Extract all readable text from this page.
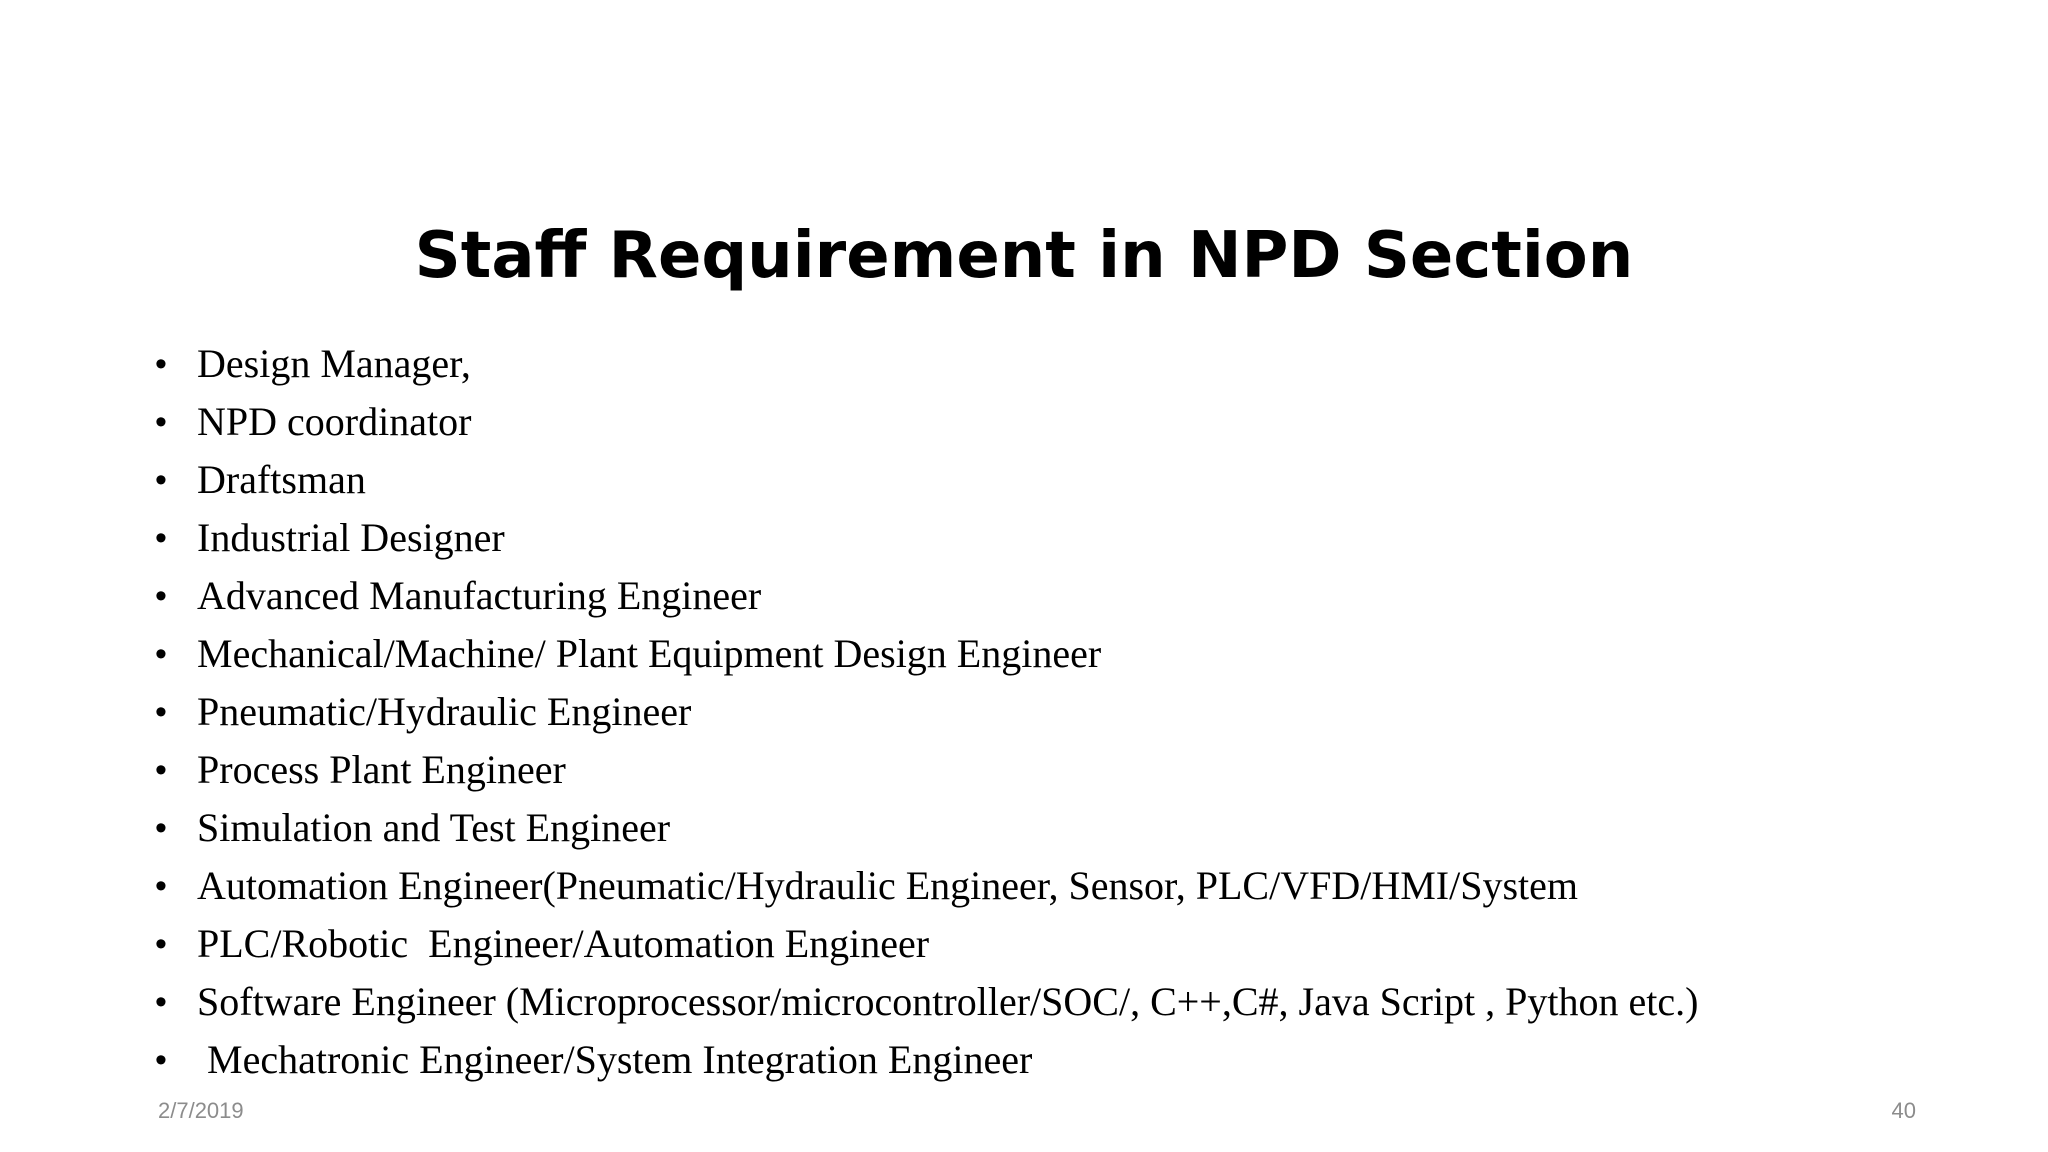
Staff Requirement in NPD Section
• Design Manager,
• NPD coordinator
• Draftsman
• Industrial Designer
• Advanced Manufacturing Engineer
• Mechanical/Machine/ Plant Equipment Design Engineer
• Pneumatic/Hydraulic Engineer
• Process Plant Engineer
• Simulation and Test Engineer
• Automation Engineer(Pneumatic/Hydraulic Engineer, Sensor, PLC/VFD/HMI/System
• PLC/Robotic  Engineer/Automation Engineer
• Software Engineer (Microprocessor/microcontroller/SOC/, C++,C#, Java Script , Python etc.)
• Mechatronic Engineer/System Integration Engineer
2/7/2019	40
